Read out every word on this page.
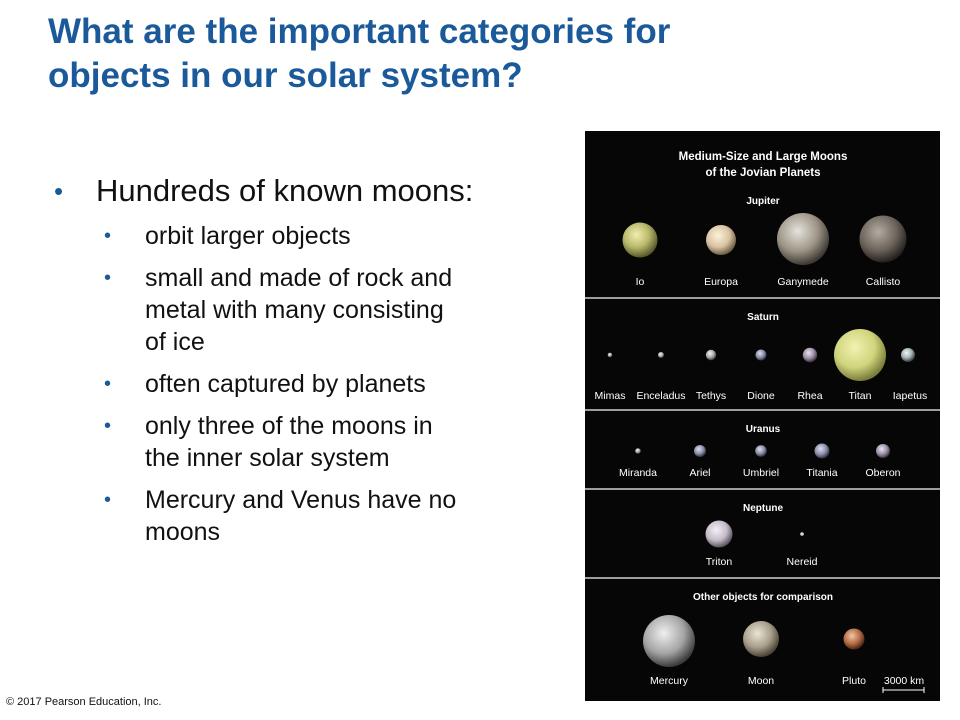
What are the important categories for
objects in our solar system?
• Hundreds of known moons:
• orbit larger objects
• small and made of rock and
metal with many consisting
of ice
• often captured by planets
• only three of the moons in
the inner solar system
• Mercury and Venus have no
moons
Medium-Size and Large Moons
of the Jovian Planets
Jupiter
Io	Europa	Ganymede	Callisto
Saturn
Mimas Enceladus Tethys Dione Rhea Titan Iapetus
Uranus
Miranda	Ariel	Umbriel	Titania	Oberon
Neptune
Triton	Nereid
Other objects for comparison
Mercury	Moon	Pluto 3000 km
© 2017 Pearson Education, Inc.
